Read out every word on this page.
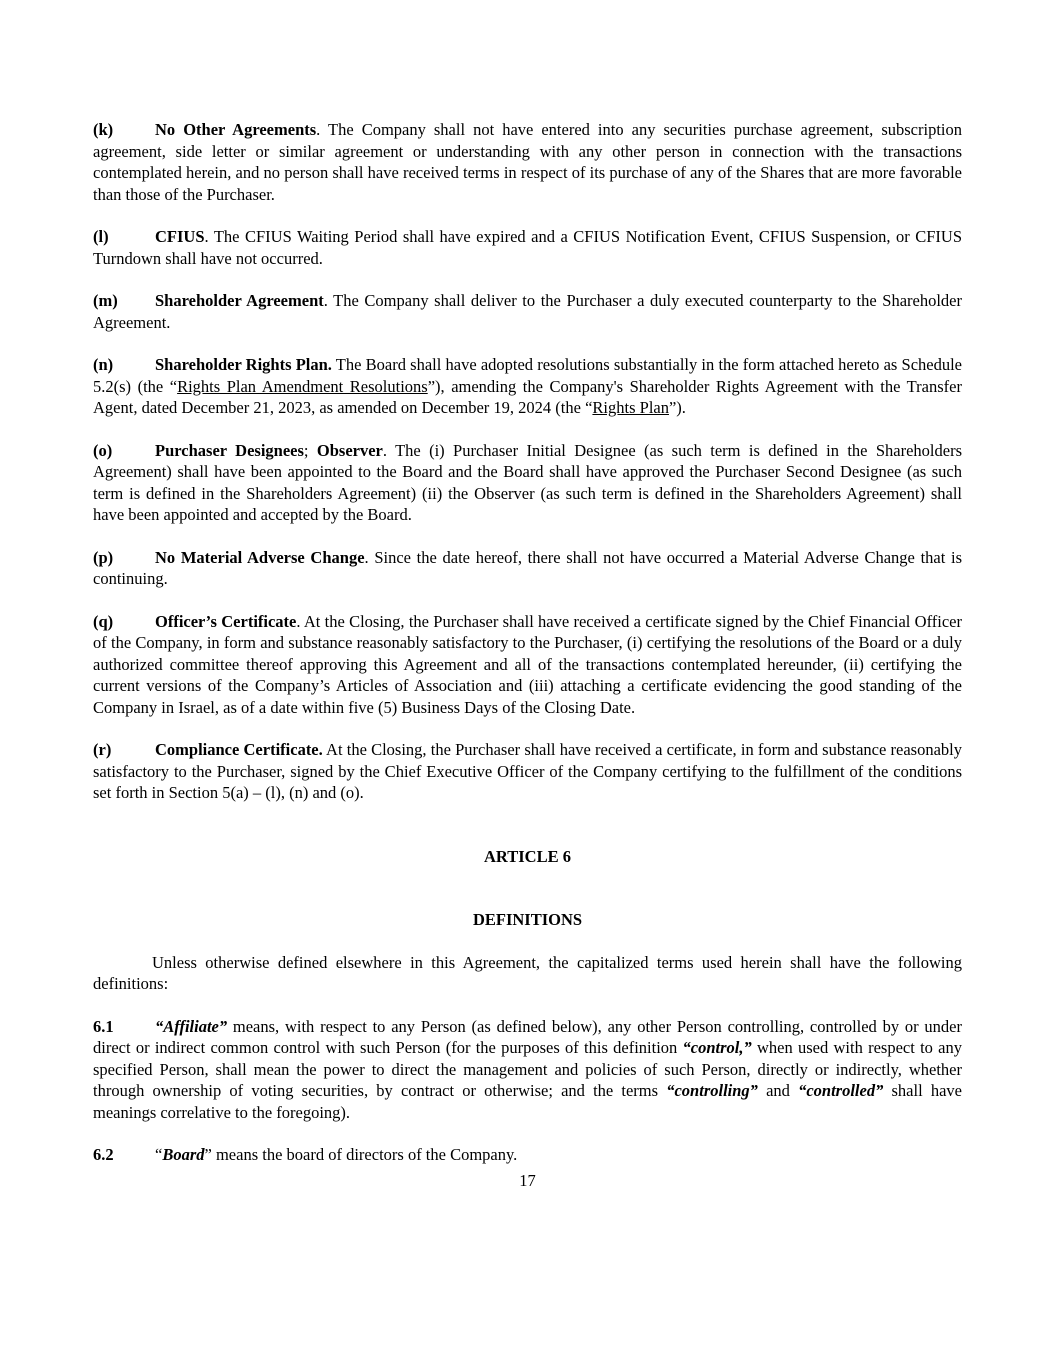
(k)	No Other Agreements. The Company shall not have entered into any securities purchase agreement, subscription agreement, side letter or similar agreement or understanding with any other person in connection with the transactions contemplated herein, and no person shall have received terms in respect of its purchase of any of the Shares that are more favorable than those of the Purchaser.

(l)	CFIUS. The CFIUS Waiting Period shall have expired and a CFIUS Notification Event, CFIUS Suspension, or CFIUS Turndown shall have not occurred.

(m) Shareholder Agreement. The Company shall deliver to the Purchaser a duly executed counterparty to the Shareholder Agreement.

(n)	Shareholder Rights Plan. The Board shall have adopted resolutions substantially in the form attached hereto as Schedule 5.2(s) (the “Rights Plan Amendment Resolutions”), amending the Company's Shareholder Rights Agreement with the Transfer Agent, dated December 21, 2023, as amended on December 19, 2024 (the “Rights Plan”).

(o)	Purchaser Designees; Observer. The (i) Purchaser Initial Designee (as such term is defined in the Shareholders Agreement) shall have been appointed to the Board and the Board shall have approved the Purchaser Second Designee (as such term is defined in the Shareholders Agreement) (ii) the Observer (as such term is defined in the Shareholders Agreement) shall have been appointed and accepted by the Board.

(p)	No Material Adverse Change. Since the date hereof, there shall not have occurred a Material Adverse Change that is continuing.

(q)	Officer’s Certificate. At the Closing, the Purchaser shall have received a certificate signed by the Chief Financial Officer of the Company, in form and substance reasonably satisfactory to the Purchaser, (i) certifying the resolutions of the Board or a duly authorized committee thereof approving this Agreement and all of the transactions contemplated hereunder, (ii) certifying the current versions of the Company’s Articles of Association and (iii) attaching a certificate evidencing the good standing of the Company in Israel, as of a date within five (5) Business Days of the Closing Date.

(r)	Compliance Certificate. At the Closing, the Purchaser shall have received a certificate, in form and substance reasonably satisfactory to the Purchaser, signed by the Chief Executive Officer of the Company certifying to the fulfillment of the conditions set forth in Section 5(a) – (l), (n) and (o).

ARTICLE 6

DEFINITIONS

Unless otherwise defined elsewhere in this Agreement, the capitalized terms used herein shall have the following definitions:

6.1	“Affiliate” means, with respect to any Person (as defined below), any other Person controlling, controlled by or under direct or indirect common control with such Person (for the purposes of this definition “control,” when used with respect to any specified Person, shall mean the power to direct the management and policies of such Person, directly or indirectly, whether through ownership of voting securities, by contract or otherwise; and the terms “controlling” and “controlled” shall have meanings correlative to the foregoing).

6.2	“Board” means the board of directors of the Company.

17
